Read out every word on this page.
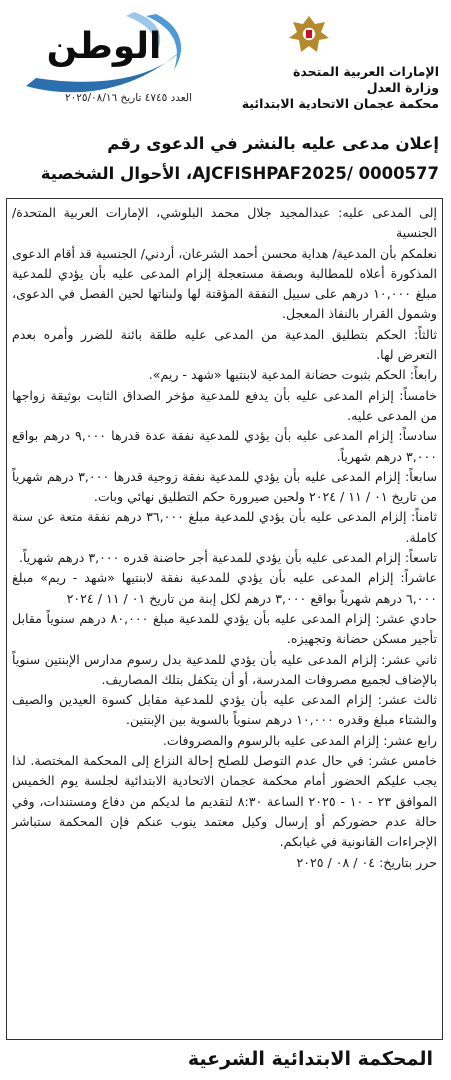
الوطن
العدد ٤٧٤٥ تاريخ ٢٠٢٥/٠٨/١٦
الإمارات العربية المتحدة
وزارة العدل
محكمة عجمان الاتحادية الابتدائية
إعلان مدعى عليه بالنشر في الدعوى رقم
AJCFISHPAF2025/ 0000577، الأحوال الشخصية

إلى المدعى عليه: عبدالمجيد جلال محمد البلوشي، الإمارات العربية المتحدة/ الجنسية

نعلمكم بأن المدعية/ هداية محسن أحمد الشرعان، أردني/ الجنسية قد أقام الدعوى المذكورة أعلاه للمطالبة وبصفة مستعجلة إلزام المدعى عليه بأن يؤدي للمدعية مبلغ ١٠,٠٠٠ درهم على سبيل النفقة المؤقتة لها ولبناتها لحين الفصل في الدعوى، وشمول القرار بالنفاذ المعجل.

ثالثاً: الحكم بتطليق المدعية من المدعى عليه طلقة بائنة للضرر وأمره بعدم التعرض لها.

رابعاً: الحكم بثبوت حضانة المدعية لابنتيها «شهد - ريم».

خامساً: إلزام المدعى عليه بأن يدفع للمدعية مؤخر الصداق الثابت بوثيقة زواجها من المدعى عليه.

سادساً: إلزام المدعى عليه بأن يؤدي للمدعية نفقة عدة قدرها ٩,٠٠٠ درهم بواقع ٣,٠٠٠ درهم شهرياً.

سابعاً: إلزام المدعى عليه بأن يؤدي للمدعية نفقة زوجية قدرها ٣,٠٠٠ درهم شهرياً من تاريخ ٠١ / ١١ / ٢٠٢٤ ولحين صيرورة حكم التطليق نهائي وبات.

ثامناً: إلزام المدعى عليه بأن يؤدي للمدعية مبلغ ٣٦,٠٠٠ درهم نفقة متعة عن سنة كاملة.

تاسعاً: إلزام المدعى عليه بأن يؤدي للمدعية أجر حاضنة قدره ٣,٠٠٠ درهم شهرياً.

عاشراً: إلزام المدعى عليه بأن يؤدي للمدعية نفقة لابنتيها «شهد - ريم» مبلغ ٦,٠٠٠ درهم شهرياً بواقع ٣,٠٠٠ درهم لكل إبنة من تاريخ ٠١ / ١١ / ٢٠٢٤

حادي عشر: إلزام المدعى عليه بأن يؤدي للمدعية مبلغ ٨٠,٠٠٠ درهم سنوياً مقابل تأجير مسكن حضانة وتجهيزه.

ثاني عشر: إلزام المدعى عليه بأن يؤدي للمدعية بدل رسوم مدارس الإبنتين سنوياً بالإضاف لجميع مصروفات المدرسة، أو أن يتكفل بتلك المصاريف.

ثالث عشر: إلزام المدعى عليه بأن يؤدي للمدعية مقابل كسوة العيدين والصيف والشتاء مبلغ وقدره ١٠,٠٠٠ درهم سنوياً بالسوية بين الإبنتين.

رابع عشر: إلزام المدعى عليه بالرسوم والمصروفات.

خامس عشر: في حال عدم التوصل للصلح إحالة النزاع إلى المحكمة المختصة. لذا يجب عليكم الحضور أمام محكمة عجمان الاتحادية الابتدائية لجلسة يوم الخميس الموافق ٢٣ - ١٠ - ٢٠٢٥ الساعة ٨:٣٠ لتقديم ما لديكم من دفاع ومستندات، وفي حالة عدم حضوركم أو إرسال وكيل معتمد ينوب عنكم فإن المحكمة ستباشر الإجراءات القانونية في غيابكم.

حرر بتاريخ: ٠٤ / ٠٨ / ٢٠٢٥

المحكمة الابتدائية الشرعية
